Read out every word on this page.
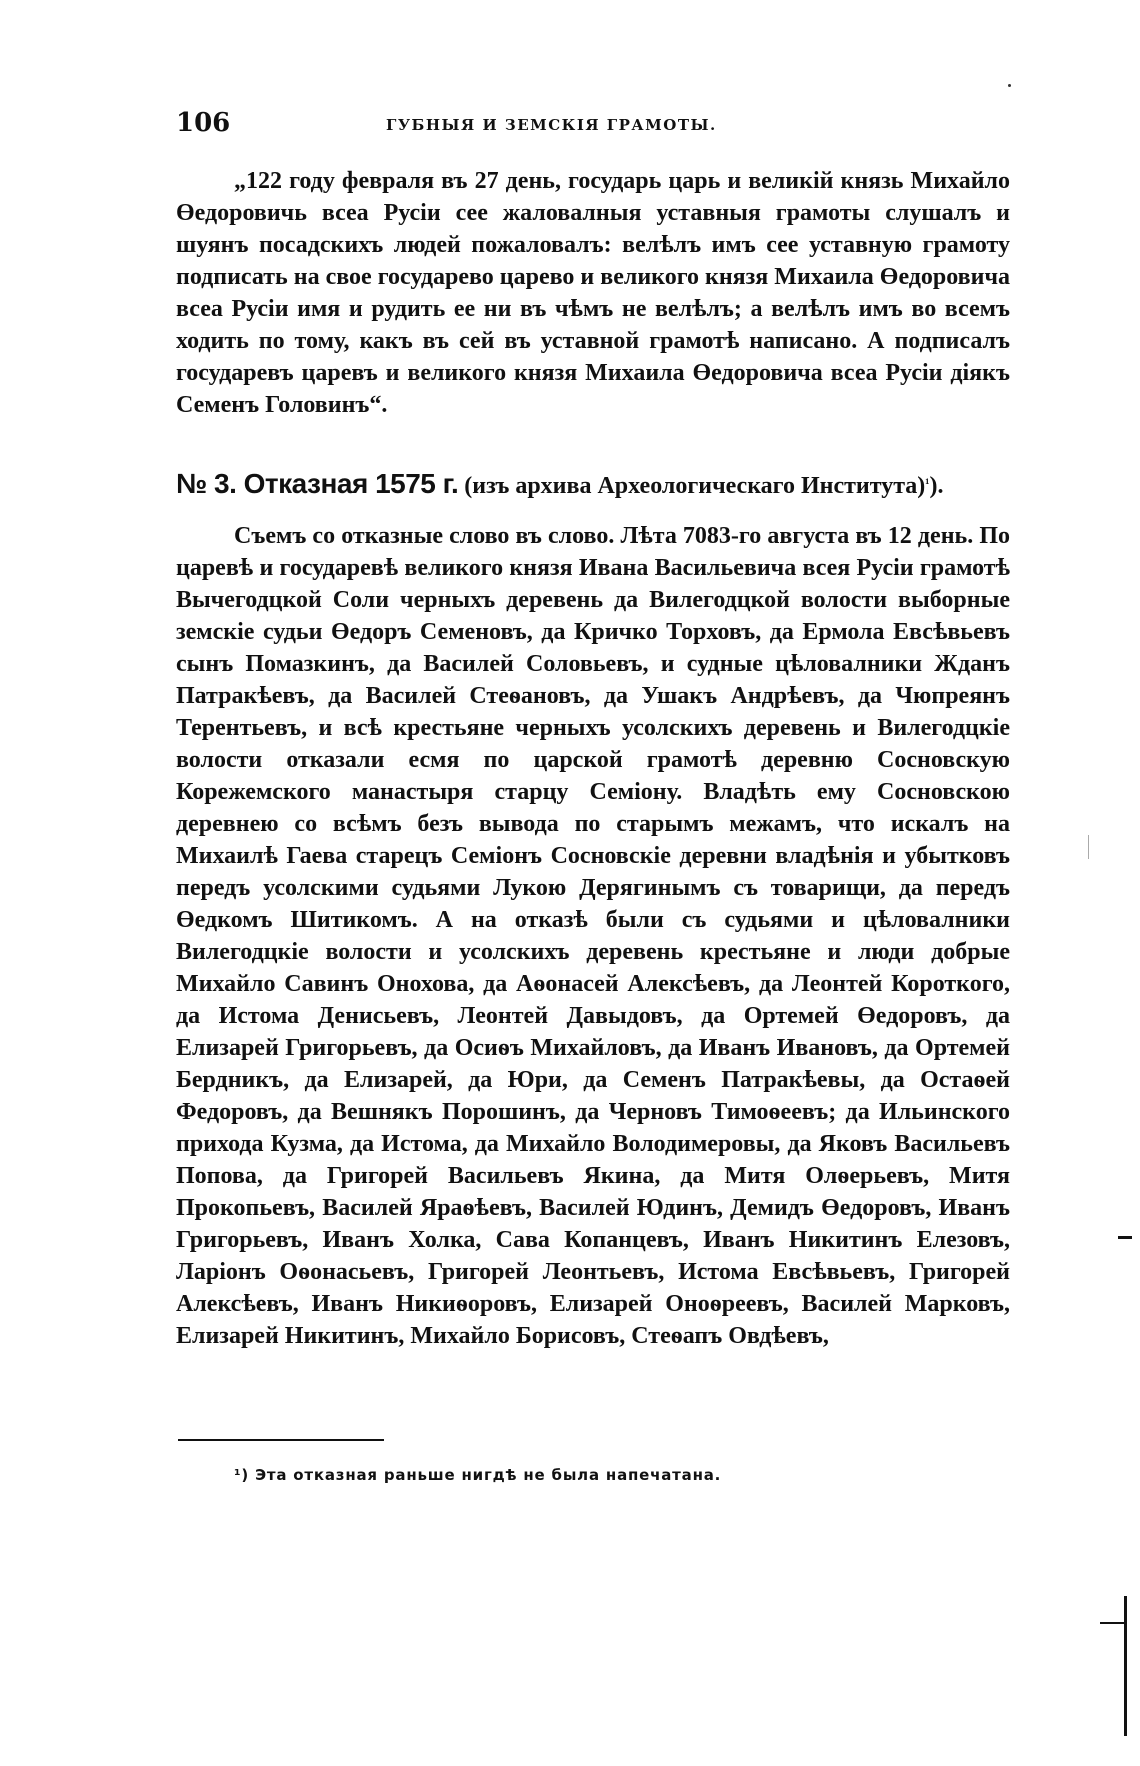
106	ГУБНЫЯ И ЗЕМСКІЯ ГРАМОТЫ.

„122 году февраля въ 27 день, государь царь и великій князь Михайло Өедоровичь всеа Русіи сее жаловалныя уставныя грамоты слушалъ и шуянъ посадскихъ людей пожаловалъ: велѣлъ имъ сее уставную грамоту подписать на свое государево царево и великого князя Михаила Өедоровича всеа Русіи имя и рудить ее ни въ чѣмъ не велѣлъ; а велѣлъ имъ во всемъ ходить по тому, какъ въ сей въ уставной грамотѣ написано. А подписалъ государевъ царевъ и великого князя Михаила Өедоровича всеа Русіи діякъ Семенъ Головинъ“.

№ 3. Отказная 1575 г. (изъ архива Археологическаго Института)$^{^1}$).

Съемъ со отказные слово въ слово. Лѣта 7083-го августа въ 12 день. По царевѣ и государевѣ великого князя Ивана Васильевича всея Русіи грамотѣ Вычегодцкой Соли черныхъ деревень да Вилегодцкой волости выборные земскіе судьи Өедоръ Семеновъ, да Кричко Торховъ, да Ермола Евсѣвьевъ сынъ Помазкинъ, да Василей Соловьевъ, и судные цѣловалники Жданъ Патракѣевъ, да Василей Стеѳановъ, да Ушакъ Андрѣевъ, да Чюпреянъ Терентьевъ, и всѣ крестьяне черныхъ усолскихъ деревень и Вилегодцкіе волости отказали есмя по царской грамотѣ деревню Сосновскую Корежемского манастыря старцу Семіону. Владѣть ему Сосновскою деревнею со всѣмъ безъ вывода по старымъ межамъ, что искалъ на Михаилѣ Гаева старецъ Семіонъ Сосновскіе деревни владѣнія и убытковъ передъ усолскими судьями Лукою Дерягинымъ съ товарищи, да передъ Өедкомъ Шитикомъ. А на отказѣ были съ судьями и цѣловалники Вилегодцкіе волости и усолскихъ деревень крестьяне и люди добрые Михайло Савинъ Онохова, да Аѳонасей Алексѣевъ, да Леонтей Короткого, да Истома Денисьевъ, Леонтей Давыдовъ, да Ортемей Өедоровъ, да Елизарей Григорьевъ, да Осиѳъ Михайловъ, да Иванъ Ивановъ, да Ортемей Бердникъ, да Елизарей, да Юри, да Семенъ Патракѣевы, да Остаѳей Федоровъ, да Вешнякъ Порошинъ, да Черновъ Тимоѳеевъ; да Ильинского прихода Кузма, да Истома, да Михайло Володимеровы, да Яковъ Васильевъ Попова, да Григорей Васильевъ Якина, да Митя Олѳерьевъ, Митя Прокопьевъ, Василей Яраѳѣевъ, Василей Юдинъ, Демидъ Өедоровъ, Иванъ Григорьевъ, Иванъ Холка, Сава Копанцевъ, Иванъ Никитинъ Елезовъ, Ларіонъ Оѳонасьевъ, Григорей Леонтьевъ, Истома Евсѣвьевъ, Григорей Алексѣевъ, Иванъ Никиѳоровъ, Елизарей Оноѳреевъ, Василей Марковъ, Елизарей Никитинъ, Михайло Борисовъ, Стеѳапъ Овдѣевъ,

¹) Эта отказная раньше нигдѣ не была напечатана.
